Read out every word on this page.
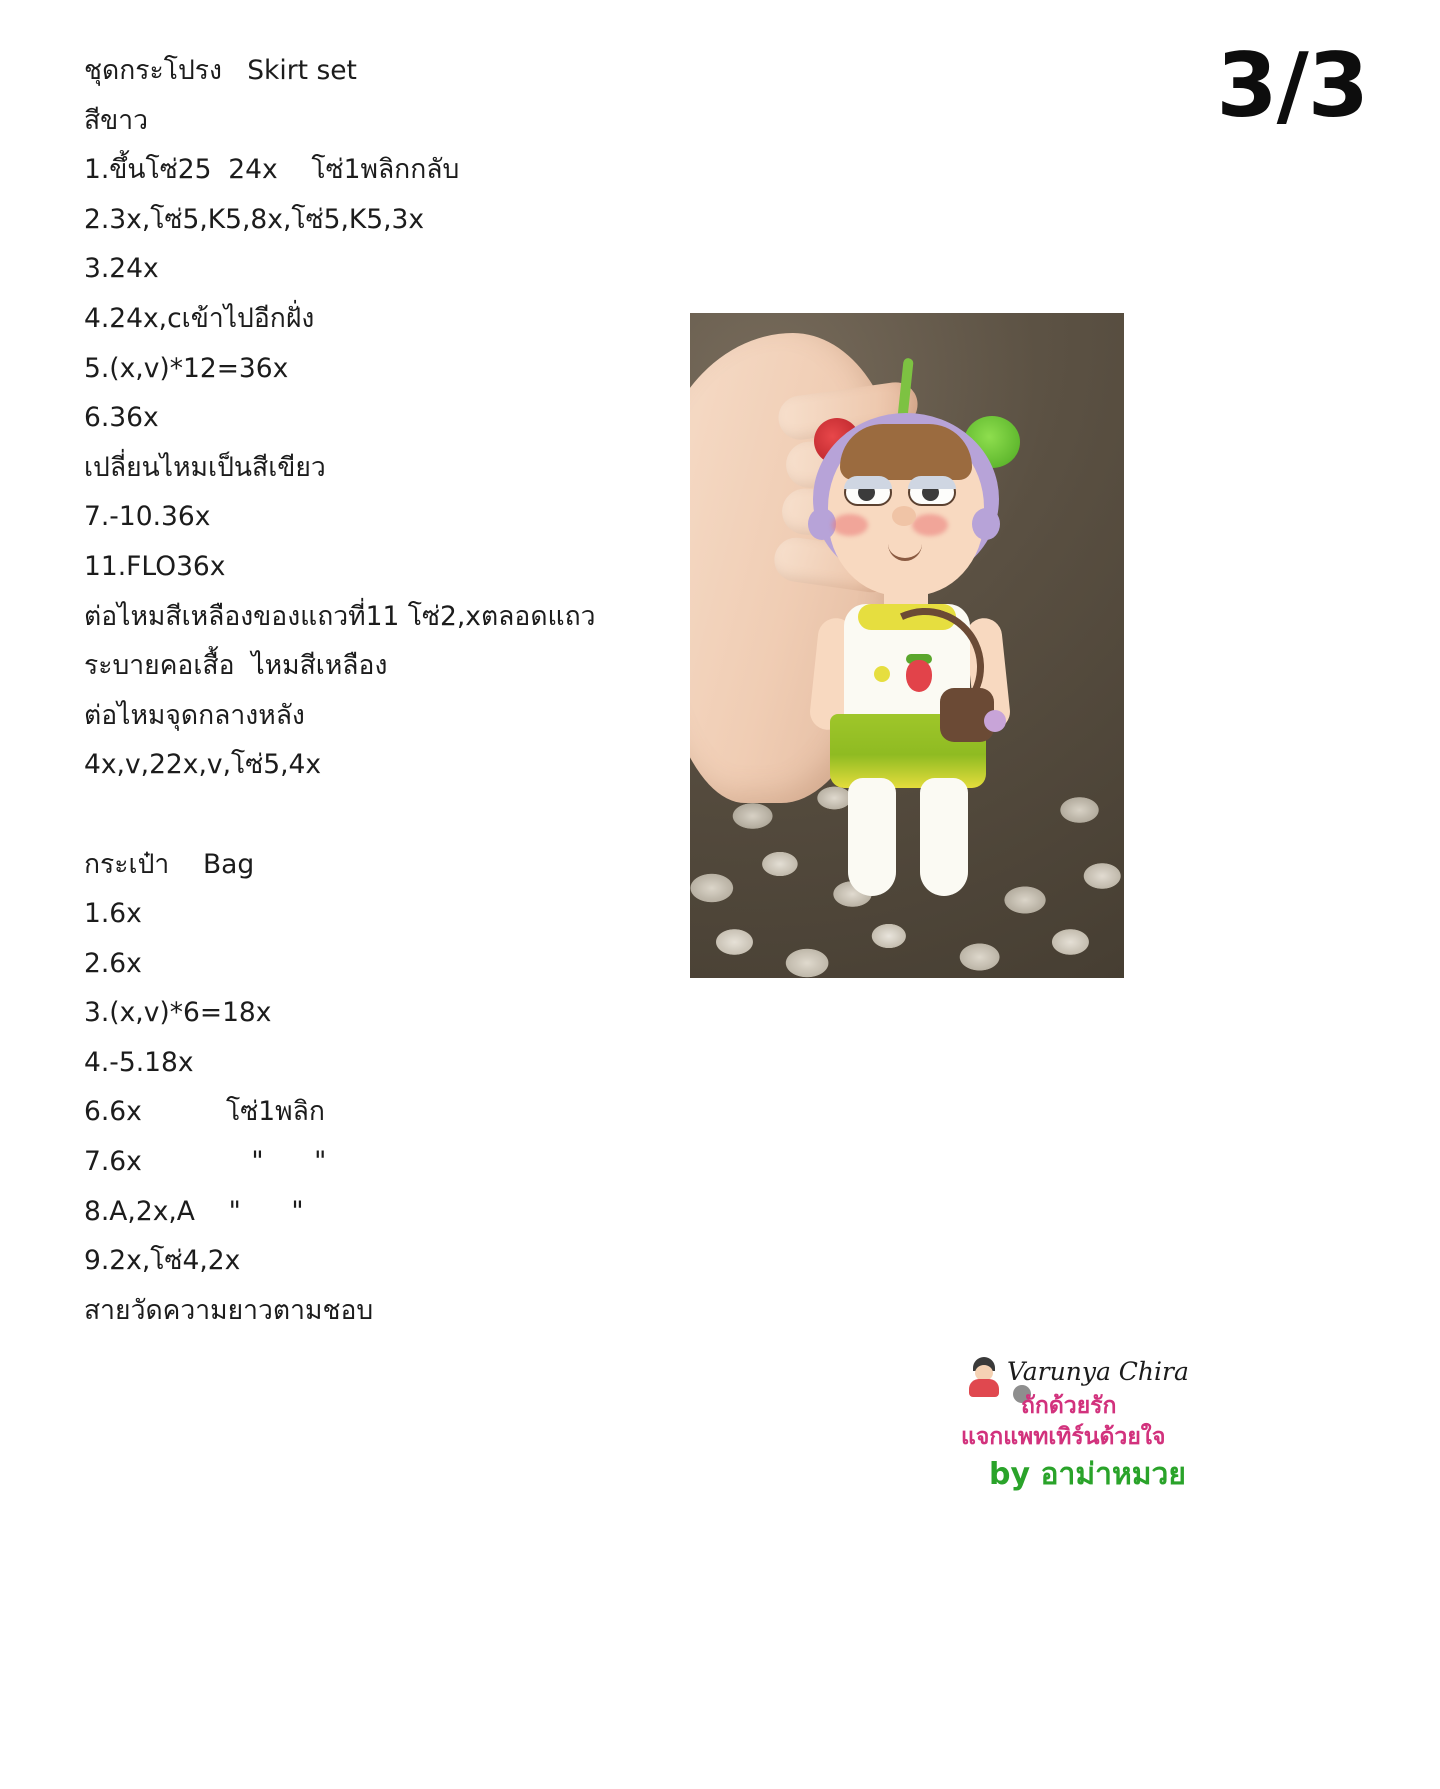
3/3
ชุดกระโปรง   Skirt set
สีขาว
1.ขึ้นโซ่25  24x    โซ่1พลิกกลับ
2.3x,โซ่5,K5,8x,โซ่5,K5,3x
3.24x
4.24x,cเข้าไปอีกฝั่ง
5.(x,v)*12=36x
6.36x
เปลี่ยนไหมเป็นสีเขียว
7.-10.36x
11.FLO36x
ต่อไหมสีเหลืองของแถวที่11 โซ่2,xตลอดแถว
ระบายคอเสื้อ  ไหมสีเหลือง
ต่อไหมจุดกลางหลัง
4x,v,22x,v,โซ่5,4x
กระเป๋า    Bag
1.6x
2.6x
3.(x,v)*6=18x
4.-5.18x
6.6x          โซ่1พลิก
7.6x             "      "
8.A,2x,A    "      "
9.2x,โซ่4,2x
สายวัดความยาวตามชอบ
Varunya Chira
ถักด้วยรัก
แจกแพทเทิร์นด้วยใจ
by อาม่าหมวย
